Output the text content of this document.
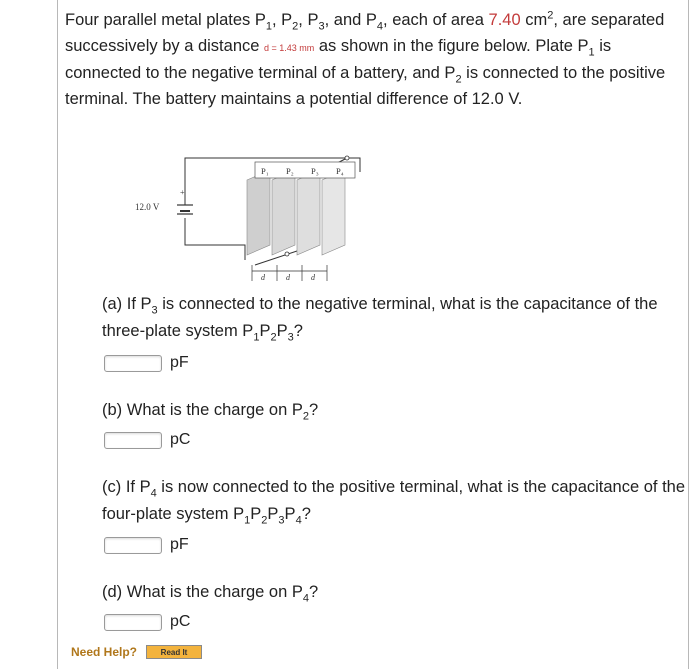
Four parallel metal plates $P_1$, $P_2$, $P_3$, and $P_4$, each of area 7.40 $cm^2$, are separated successively by a distance d = 1.43 mm as shown in the figure below. Plate $P_1$ is connected to the negative terminal of a battery, and $P_2$ is connected to the positive terminal. The battery maintains a potential difference of 12.0 V.
+
12.0 V
P₁ P₂ P₃ P₄
d	d	d
(a) If $P_3$ is connected to the negative terminal, what is the capacitance of the three-plate system $P_1P_2P_3$?
pF
(b) What is the charge on $P_2$?
pC
(c) If $P_4$ is now connected to the positive terminal, what is the capacitance of the four-plate system $P_1P_2P_3P_4$?
pF
(d) What is the charge on $P_4$?
pC
Need Help?	Read It
